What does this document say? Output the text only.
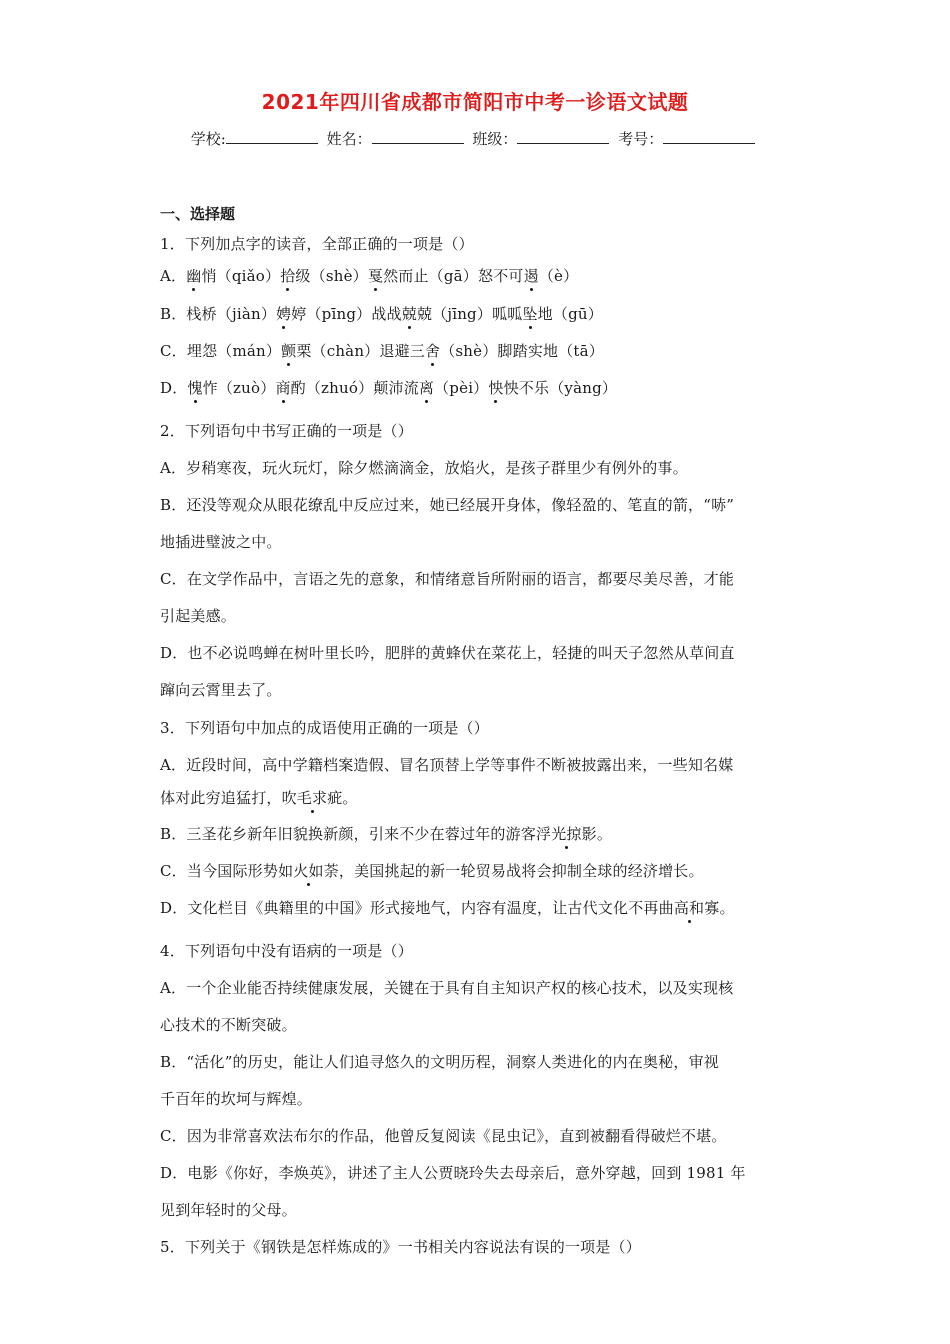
2021年四川省成都市简阳市中考一诊语文试题
学校:	姓名：	班级：	考号：
一、选择题
1．下列加点字的读音，全部正确的一项是（）
A．幽悄（qiǎo）拾级（shè）戛然而止（gā）怒不可遏（è）
B．栈桥（jiàn）娉婷（pīng）战战兢兢（jīng）呱呱坠地（gū）
C．埋怨（mán）颤栗（chàn）退避三舍（shè）脚踏实地（tā）
D．愧怍（zuò）商酌（zhuó）颠沛流离（pèi）怏怏不乐（yàng）
2．下列语句中书写正确的一项是（）
A．岁稍寒夜，玩火玩灯，除夕燃滴滴金，放焰火，是孩子群里少有例外的事。
B．还没等观众从眼花缭乱中反应过来，她已经展开身体，像轻盈的、笔直的箭，“哧”
地插进璧波之中。
C．在文学作品中，言语之先的意象，和情绪意旨所附丽的语言，都要尽美尽善，才能
引起美感。
D．也不必说鸣蝉在树叶里长吟，肥胖的黄蜂伏在菜花上，轻捷的叫天子忽然从草间直
蹿向云霄里去了。
3．下列语句中加点的成语使用正确的一项是（）
A．近段时间，高中学籍档案造假、冒名顶替上学等事件不断被披露出来，一些知名媒
体对此穷追猛打，吹毛求疵。
B．三圣花乡新年旧貌换新颜，引来不少在蓉过年的游客浮光掠影。
C．当今国际形势如火如荼，美国挑起的新一轮贸易战将会抑制全球的经济增长。
D．文化栏目《典籍里的中国》形式接地气，内容有温度，让古代文化不再曲高和寡。
4．下列语句中没有语病的一项是（）
A．一个企业能否持续健康发展，关键在于具有自主知识产权的核心技术，以及实现核
心技术的不断突破。
B．“活化”的历史，能让人们追寻悠久的文明历程，洞察人类进化的内在奥秘，审视
千百年的坎坷与辉煌。
C．因为非常喜欢法布尔的作品，他曾反复阅读《昆虫记》，直到被翻看得破烂不堪。
D．电影《你好，李焕英》，讲述了主人公贾晓玲失去母亲后，意外穿越，回到 1981 年
见到年轻时的父母。
5．下列关于《钢铁是怎样炼成的》一书相关内容说法有误的一项是（）
